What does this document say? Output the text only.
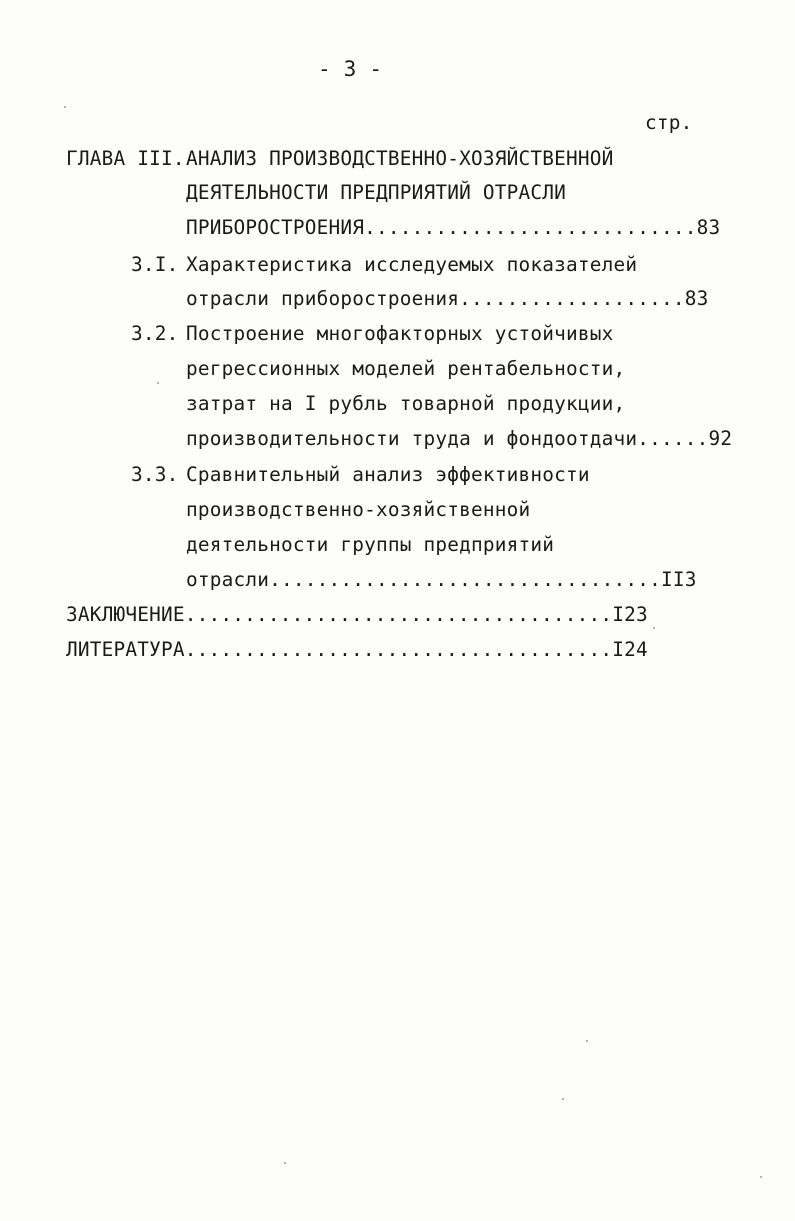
- 3 -
стр.
ГЛАВА III. АНАЛИЗ ПРОИЗВОДСТВЕННО-ХОЗЯЙСТВЕННОЙ
ДЕЯТЕЛЬНОСТИ ПРЕДПРИЯТИЙ ОТРАСЛИ
ПРИБОРОСТРОЕНИЯ............................83
3.I. Характеристика исследуемых показателей
отрасли приборостроения...................83
3.2. Построение многофакторных устойчивых
регрессионных моделей рентабельности,
затрат на I рубль товарной продукции,
производительности труда и фондоотдачи......92
3.3. Сравнительный анализ эффективности
производственно-хозяйственной
деятельности группы предприятий
отрасли.................................II3
ЗАКЛЮЧЕНИЕ....................................I23
ЛИТЕРАТУРА....................................I24
